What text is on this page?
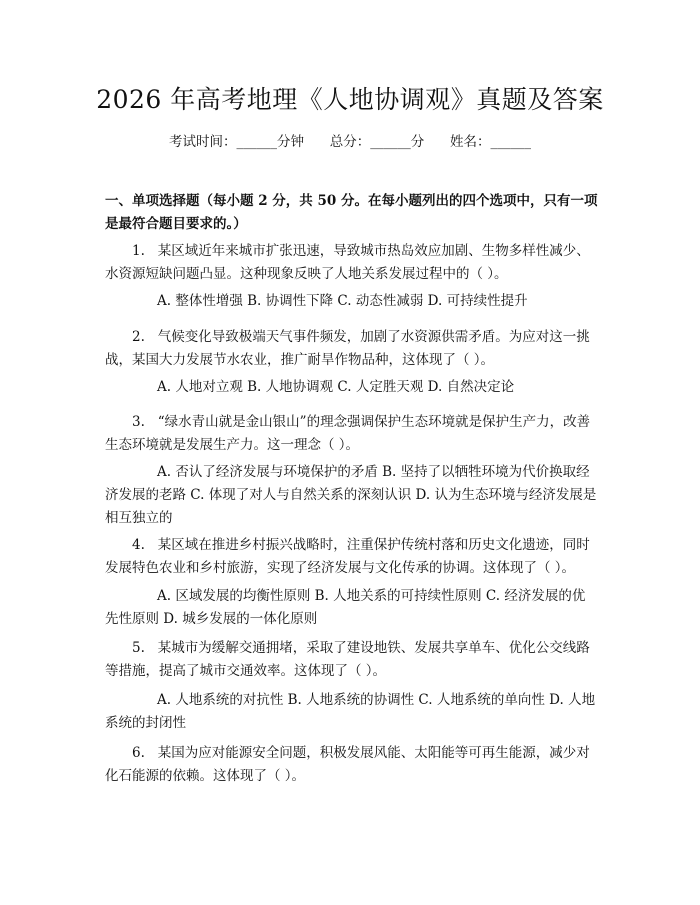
2026 年高考地理《人地协调观》真题及答案
考试时间：______分钟      总分：______分      姓名：______
一、单项选择题（每小题 2 分，共 50 分。在每小题列出的四个选项中，只有一项是最符合题目要求的。）

1. 某区域近年来城市扩张迅速，导致城市热岛效应加剧、生物多样性减少、水资源短缺问题凸显。这种现象反映了人地关系发展过程中的（ ）。

A. 整体性增强 B. 协调性下降 C. 动态性减弱 D. 可持续性提升

2. 气候变化导致极端天气事件频发，加剧了水资源供需矛盾。为应对这一挑战，某国大力发展节水农业，推广耐旱作物品种，这体现了（ ）。

A. 人地对立观 B. 人地协调观 C. 人定胜天观 D. 自然决定论

3. “绿水青山就是金山银山”的理念强调保护生态环境就是保护生产力，改善生态环境就是发展生产力。这一理念（ ）。

A. 否认了经济发展与环境保护的矛盾 B. 坚持了以牺牲环境为代价换取经济发展的老路 C. 体现了对人与自然关系的深刻认识 D. 认为生态环境与经济发展是相互独立的

4. 某区域在推进乡村振兴战略时，注重保护传统村落和历史文化遗迹，同时发展特色农业和乡村旅游，实现了经济发展与文化传承的协调。这体现了（ ）。

A. 区域发展的均衡性原则 B. 人地关系的可持续性原则 C. 经济发展的优先性原则 D. 城乡发展的一体化原则

5. 某城市为缓解交通拥堵，采取了建设地铁、发展共享单车、优化公交线路等措施，提高了城市交通效率。这体现了（ ）。

A. 人地系统的对抗性 B. 人地系统的协调性 C. 人地系统的单向性 D. 人地系统的封闭性

6. 某国为应对能源安全问题，积极发展风能、太阳能等可再生能源，减少对化石能源的依赖。这体现了（ ）。
